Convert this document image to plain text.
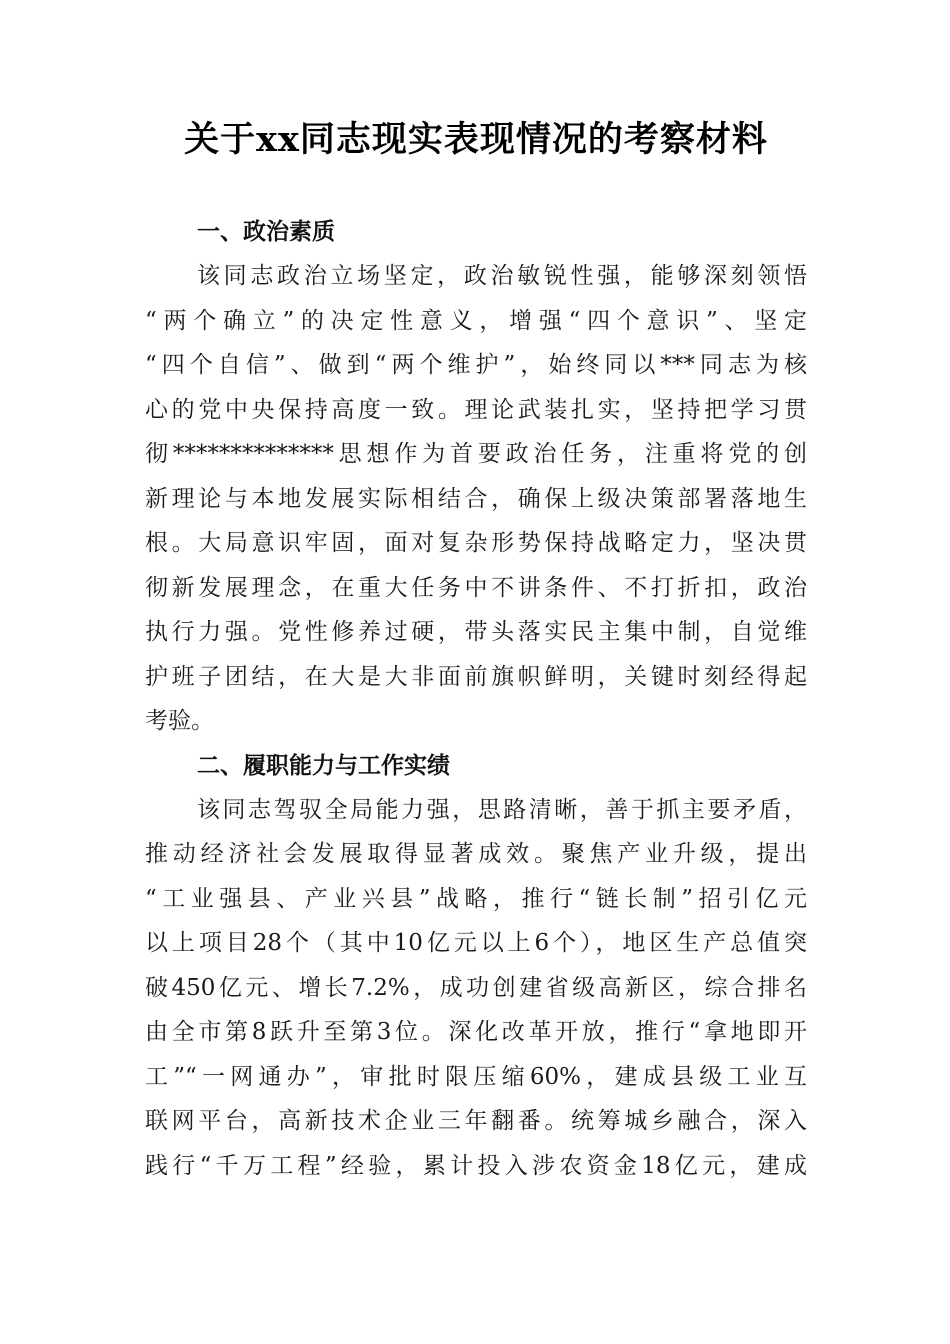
关于xx同志现实表现情况的考察材料
一、政治素质

该同志政治立场坚定，政治敏锐性强，能够深刻领悟
“两个确立”的决定性意义，增强“四个意识”、坚定
“四个自信”、做到“两个维护”，始终同以***同志为核
心的党中央保持高度一致。理论武装扎实，坚持把学习贯
彻**************思想作为首要政治任务，注重将党的创
新理论与本地发展实际相结合，确保上级决策部署落地生
根。大局意识牢固，面对复杂形势保持战略定力，坚决贯
彻新发展理念，在重大任务中不讲条件、不打折扣，政治
执行力强。党性修养过硬，带头落实民主集中制，自觉维
护班子团结，在大是大非面前旗帜鲜明，关键时刻经得起
考验。

二、履职能力与工作实绩

该同志驾驭全局能力强，思路清晰，善于抓主要矛盾，
推动经济社会发展取得显著成效。聚焦产业升级，提出
“工业强县、产业兴县”战略，推行“链长制”招引亿元
以上项目28个（其中10亿元以上6个），地区生产总值突
破450亿元、增长7.2%，成功创建省级高新区，综合排名
由全市第8跃升至第3位。深化改革开放，推行“拿地即开
工”“一网通办”，审批时限压缩60%，建成县级工业互
联网平台，高新技术企业三年翻番。统筹城乡融合，深入
践行“千万工程”经验，累计投入涉农资金18亿元，建成
